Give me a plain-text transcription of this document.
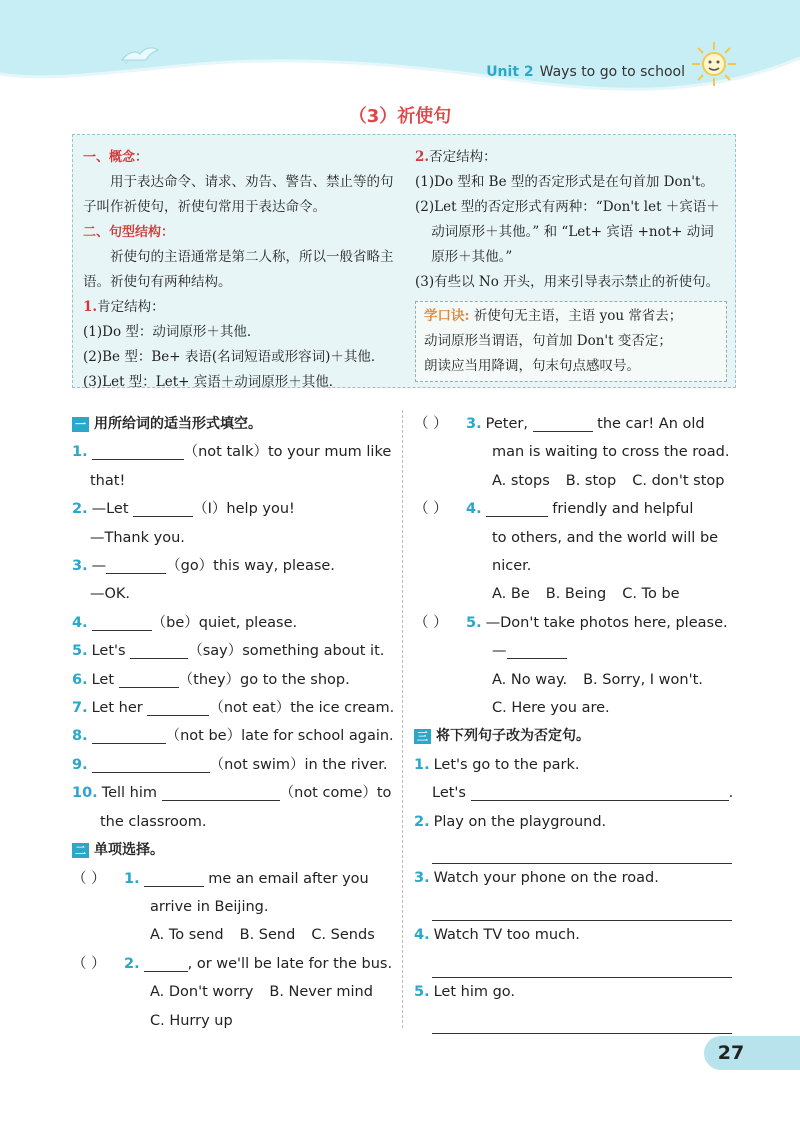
Unit 2 Ways to go to school
（3）祈使句

一、概念：

用于表达命令、请求、劝告、警告、禁止等的句子叫作祈使句，祈使句常用于表达命令。

二、句型结构：

祈使句的主语通常是第二人称，所以一般省略主语。祈使句有两种结构。

1.肯定结构：

(1)Do 型：动词原形＋其他．

(2)Be 型：Be+ 表语(名词短语或形容词)＋其他．

(3)Let 型：Let+ 宾语＋动词原形＋其他．

2.否定结构：

(1)Do 型和 Be 型的否定形式是在句首加 Don't。

(2)Let 型的否定形式有两种：“Don't let ＋宾语＋动词原形＋其他。” 和 “Let+ 宾语 +not+ 动词原形＋其他。”

(3)有些以 No 开头，用来引导表示禁止的祈使句。

学口诀: 祈使句无主语，主语 you 常省去；

动词原形当谓语，句首加 Don't 变否定；

朗读应当用降调，句末句点感叹号。

一 用所给词的适当形式填空。
1.	（not talk）to your mum like
that!
2. —Let	（I）help you!
—Thank you.
3. —	（go）this way, please.
—OK.
4.	（be）quiet, please.
5. Let's	（say）something about it.
6. Let	（they）go to the shop.
7. Let her	（not eat）the ice cream.
8.	（not be）late for school again.
9.	（not swim）in the river.
10. Tell him	（not come）to
the classroom.
二 单项选择。
（ ） 1.	me an email after you
arrive in Beijing.
A. To send B. Send C. Sends
（ ） 2.	, or we'll be late for the bus.
A. Don't worry B. Never mind
C. Hurry up
（ ） 3. Peter,	the car! An old
man is waiting to cross the road.
A. stops B. stop C. don't stop
（ ） 4.	friendly and helpful
to others, and the world will be
nicer.
A. Be B. Being C. To be
（ ） 5. —Don't take photos here, please.
—
A. No way. B. Sorry, I won't.
C. Here you are.
三 将下列句子改为否定句。
1. Let's go to the park.
Let's	.
2. Play on the playground.
3. Watch your phone on the road.
4. Watch TV too much.
5. Let him go.
27
